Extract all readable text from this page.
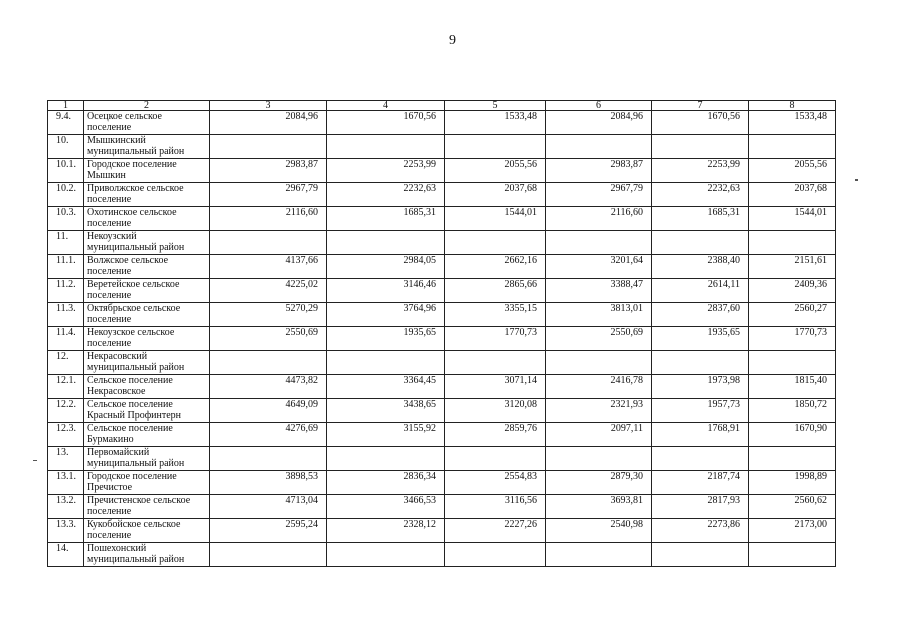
9
1	2	3	4	5	6	7	8
9.4.	Осецкое сельское поселение	2084,96	1670,56	1533,48	2084,96	1670,56	1533,48
10.	Мышкинский муниципальный район						
10.1.	Городское поселение Мышкин	2983,87	2253,99	2055,56	2983,87	2253,99	2055,56
10.2.	Приволжское сельское поселение	2967,79	2232,63	2037,68	2967,79	2232,63	2037,68
10.3.	Охотинское сельское поселение	2116,60	1685,31	1544,01	2116,60	1685,31	1544,01
11.	Некоузский муниципальный район						
11.1.	Волжское сельское поселение	4137,66	2984,05	2662,16	3201,64	2388,40	2151,61
11.2.	Веретейское сельское поселение	4225,02	3146,46	2865,66	3388,47	2614,11	2409,36
11.3.	Октябрьское сельское поселение	5270,29	3764,96	3355,15	3813,01	2837,60	2560,27
11.4.	Некоузское сельское поселение	2550,69	1935,65	1770,73	2550,69	1935,65	1770,73
12.	Некрасовский муниципальный район						
12.1.	Сельское поселение Некрасовское	4473,82	3364,45	3071,14	2416,78	1973,98	1815,40
12.2.	Сельское поселение Красный Профинтерн	4649,09	3438,65	3120,08	2321,93	1957,73	1850,72
12.3.	Сельское поселение Бурмакино	4276,69	3155,92	2859,76	2097,11	1768,91	1670,90
13.	Первомайский муниципальный район						
13.1.	Городское поселение Пречистое	3898,53	2836,34	2554,83	2879,30	2187,74	1998,89
13.2.	Пречистенское сельское поселение	4713,04	3466,53	3116,56	3693,81	2817,93	2560,62
13.3.	Кукобойское сельское поселение	2595,24	2328,12	2227,26	2540,98	2273,86	2173,00
14.	Пошехонский муниципальный район						
